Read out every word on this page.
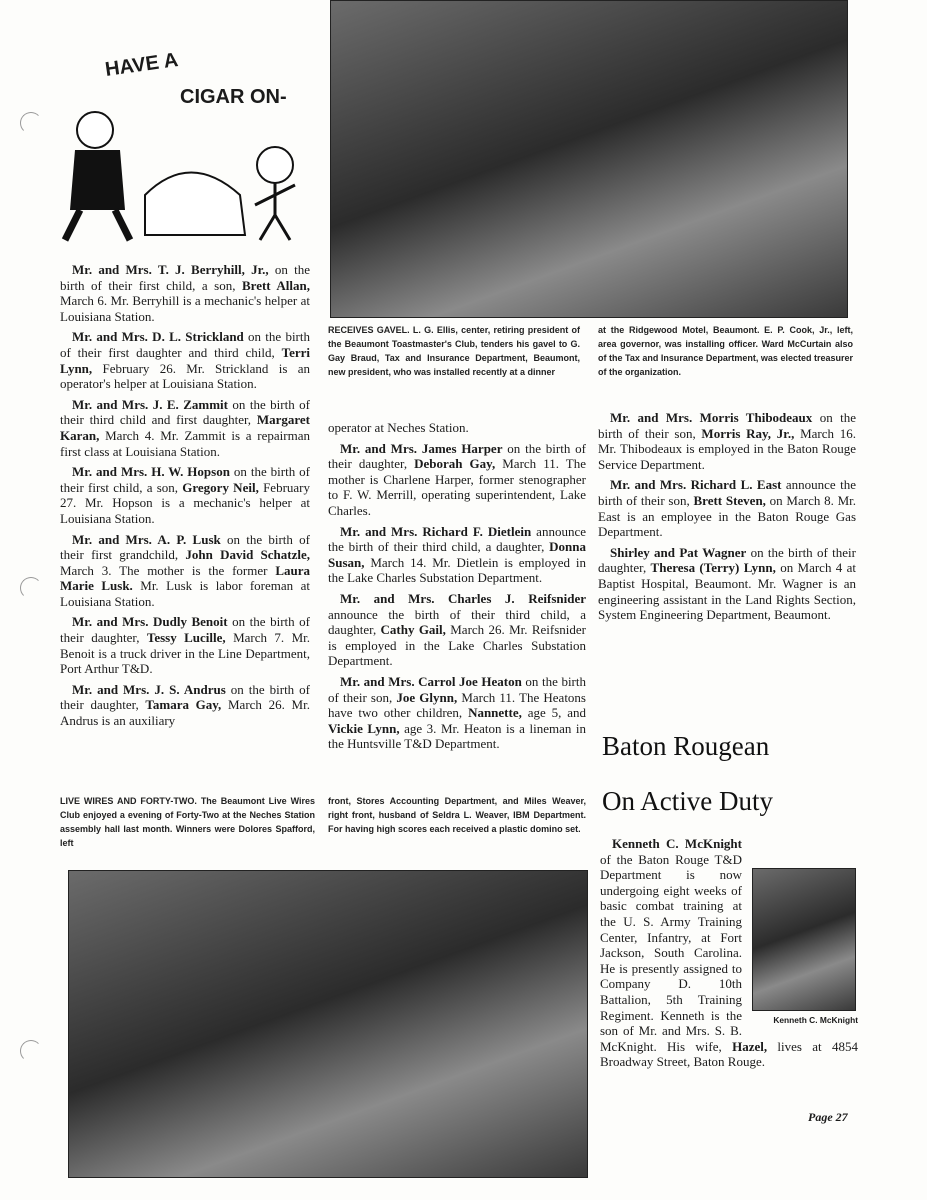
HAVE A
CIGAR ON-
RECEIVES GAVEL. L. G. Ellis, center, retiring president of the Beaumont Toastmaster's Club, tenders his gavel to G. Gay Braud, Tax and Insurance Department, Beaumont, new president, who was installed recently at a dinner
at the Ridgewood Motel, Beaumont. E. P. Cook, Jr., left, area governor, was installing officer. Ward McCurtain also of the Tax and Insurance Department, was elected treasurer of the organization.

Mr. and Mrs. T. J. Berryhill, Jr., on the birth of their first child, a son, Brett Allan, March 6. Mr. Berryhill is a mechanic's helper at Louisiana Station.

Mr. and Mrs. D. L. Strickland on the birth of their first daughter and third child, Terri Lynn, February 26. Mr. Strickland is an operator's helper at Louisiana Station.

Mr. and Mrs. J. E. Zammit on the birth of their third child and first daughter, Margaret Karan, March 4. Mr. Zammit is a repairman first class at Louisiana Station.

Mr. and Mrs. H. W. Hopson on the birth of their first child, a son, Gregory Neil, February 27. Mr. Hopson is a mechanic's helper at Louisiana Station.

Mr. and Mrs. A. P. Lusk on the birth of their first grandchild, John David Schatzle, March 3. The mother is the former Laura Marie Lusk. Mr. Lusk is labor foreman at Louisiana Station.

Mr. and Mrs. Dudly Benoit on the birth of their daughter, Tessy Lucille, March 7. Mr. Benoit is a truck driver in the Line Department, Port Arthur T&D.

Mr. and Mrs. J. S. Andrus on the birth of their daughter, Tamara Gay, March 26. Mr. Andrus is an auxiliary

operator at Neches Station.

Mr. and Mrs. James Harper on the birth of their daughter, Deborah Gay, March 11. The mother is Charlene Harper, former stenographer to F. W. Merrill, operating superintendent, Lake Charles.

Mr. and Mrs. Richard F. Dietlein announce the birth of their third child, a daughter, Donna Susan, March 14. Mr. Dietlein is employed in the Lake Charles Substation Department.

Mr. and Mrs. Charles J. Reifsnider announce the birth of their third child, a daughter, Cathy Gail, March 26. Mr. Reifsnider is employed in the Lake Charles Substation Department.

Mr. and Mrs. Carrol Joe Heaton on the birth of their son, Joe Glynn, March 11. The Heatons have two other children, Nannette, age 5, and Vickie Lynn, age 3. Mr. Heaton is a lineman in the Huntsville T&D Department.

Mr. and Mrs. Morris Thibodeaux on the birth of their son, Morris Ray, Jr., March 16. Mr. Thibodeaux is employed in the Baton Rouge Service Department.

Mr. and Mrs. Richard L. East announce the birth of their son, Brett Steven, on March 8. Mr. East is an employee in the Baton Rouge Gas Department.

Shirley and Pat Wagner on the birth of their daughter, Theresa (Terry) Lynn, on March 4 at Baptist Hospital, Beaumont. Mr. Wagner is an engineering assistant in the Land Rights Section, System Engineering Department, Beaumont.

LIVE WIRES AND FORTY-TWO. The Beaumont Live Wires Club enjoyed a evening of Forty-Two at the Neches Station assembly hall last month. Winners were Dolores Spafford, left
front, Stores Accounting Department, and Miles Weaver, right front, husband of Seldra L. Weaver, IBM Department. For having high scores each received a plastic domino set.
Baton Rougean
On Active Duty
Kenneth C. McKnight

Kenneth C. McKnight of the Baton Rouge T&D Department is now undergoing eight weeks of basic combat training at the U. S. Army Training Center, Infantry, at Fort Jackson, South Carolina. He is presently assigned to Company D. 10th Battalion, 5th Training Regiment. Kenneth is the son of Mr. and Mrs. S. B. McKnight. His wife, Hazel, lives at 4854 Broadway Street, Baton Rouge.

Page 27
